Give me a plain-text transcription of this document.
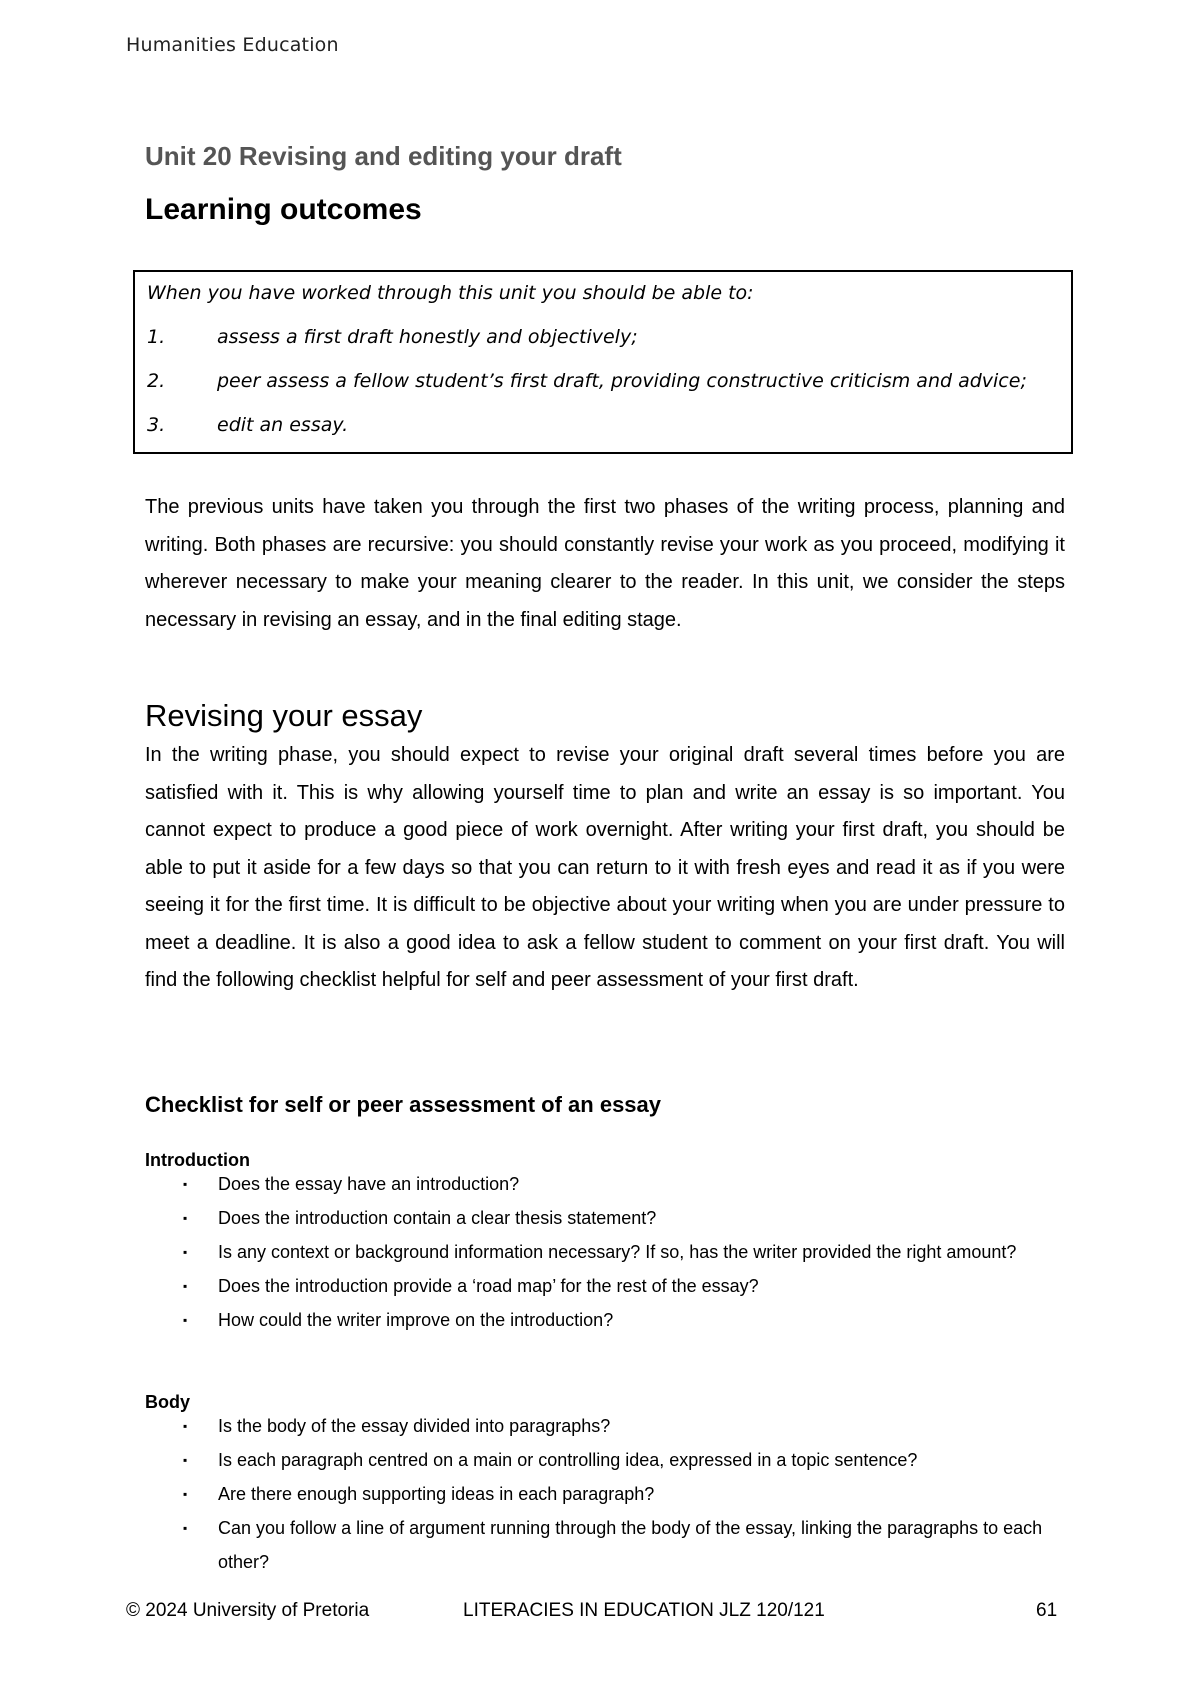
Humanities Education
Unit 20 Revising and editing your draft
Learning outcomes
When you have worked through this unit you should be able to:
1.	assess a first draft honestly and objectively;
2.	peer assess a fellow student’s first draft, providing constructive criticism and advice;
3.	edit an essay.

The previous units have taken you through the first two phases of the writing process, planning and writing. Both phases are recursive: you should constantly revise your work as you proceed, modifying it wherever necessary to make your meaning clearer to the reader. In this unit, we consider the steps necessary in revising an essay, and in the final editing stage.

Revising your essay

In the writing phase, you should expect to revise your original draft several times before you are satisfied with it. This is why allowing yourself time to plan and write an essay is so important. You cannot expect to produce a good piece of work overnight. After writing your first draft, you should be able to put it aside for a few days so that you can return to it with fresh eyes and read it as if you were seeing it for the first time. It is difficult to be objective about your writing when you are under pressure to meet a deadline. It is also a good idea to ask a fellow student to comment on your first draft. You will find the following checklist helpful for self and peer assessment of your first draft.

Checklist for self or peer assessment of an essay
Introduction
▪ Does the essay have an introduction?
▪ Does the introduction contain a clear thesis statement?
▪ Is any context or background information necessary? If so, has the writer provided the right amount?
▪ Does the introduction provide a ‘road map’ for the rest of the essay?
▪ How could the writer improve on the introduction?
Body
▪ Is the body of the essay divided into paragraphs?
▪ Is each paragraph centred on a main or controlling idea, expressed in a topic sentence?
▪ Are there enough supporting ideas in each paragraph?
▪ Can you follow a line of argument running through the body of the essay, linking the paragraphs to each other?
© 2024 University of Pretoria	LITERACIES IN EDUCATION JLZ 120/121	61
